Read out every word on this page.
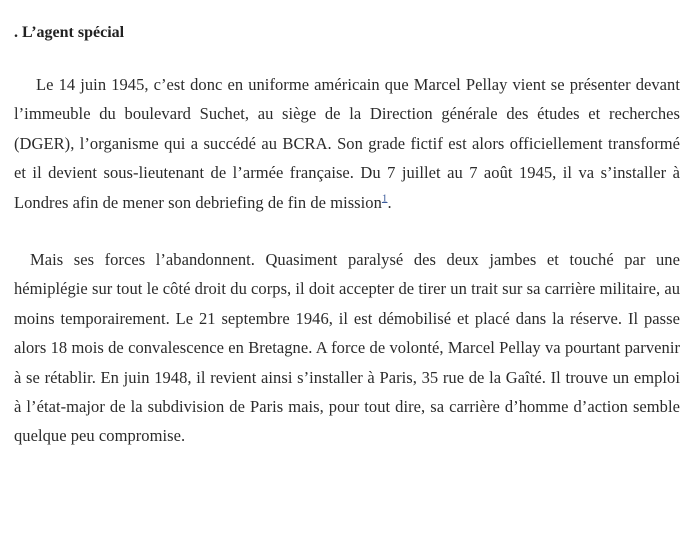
. L’agent spécial

Le 14 juin 1945, c’est donc en uniforme américain que Marcel Pellay vient se présenter devant l’immeuble du boulevard Suchet, au siège de la Direction générale des études et recherches (DGER), l’organisme qui a succédé au BCRA. Son grade fictif est alors officiellement transformé et il devient sous-lieutenant de l’armée française. Du 7 juillet au 7 août 1945, il va s’installer à Londres afin de mener son debriefing de fin de mission$^1$.

Mais ses forces l’abandonnent. Quasiment paralysé des deux jambes et touché par une hémiplégie sur tout le côté droit du corps, il doit accepter de tirer un trait sur sa carrière militaire, au moins temporairement. Le 21 septembre 1946, il est démobilisé et placé dans la réserve. Il passe alors 18 mois de convalescence en Bretagne. A force de volonté, Marcel Pellay va pourtant parvenir à se rétablir. En juin 1948, il revient ainsi s’installer à Paris, 35 rue de la Gaîté. Il trouve un emploi à l’état-major de la subdivision de Paris mais, pour tout dire, sa carrière d’homme d’action semble quelque peu compromise.
